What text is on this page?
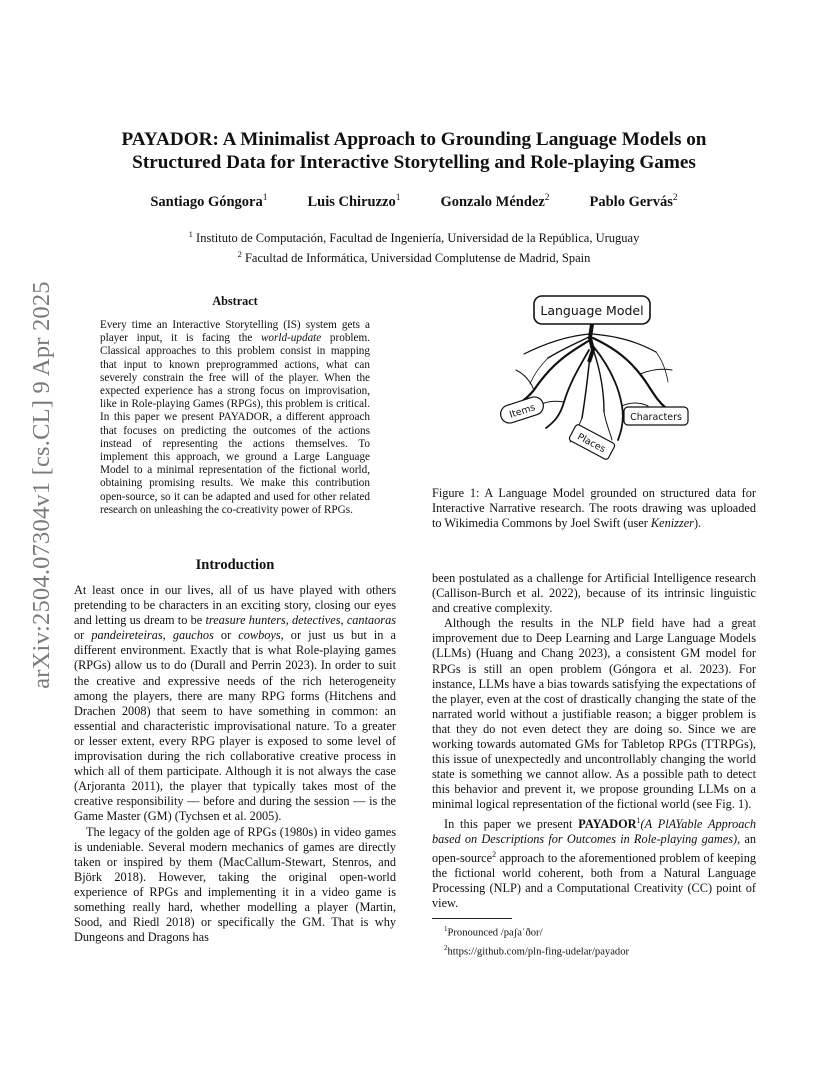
arXiv:2504.07304v1 [cs.CL] 9 Apr 2025
PAYADOR: A Minimalist Approach to Grounding Language Models on
Structured Data for Interactive Storytelling and Role-playing Games
Santiago Góngora$^1$	Luis Chiruzzo$^1$	Gonzalo Méndez$^2$	Pablo Gervás$^2$
$^1$ Instituto de Computación, Facultad de Ingeniería, Universidad de la República, Uruguay
$^2$ Facultad de Informática, Universidad Complutense de Madrid, Spain
Abstract

Every time an Interactive Storytelling (IS) system gets a player input, it is facing the world-update problem. Classical approaches to this problem consist in mapping that input to known preprogrammed actions, what can severely constrain the free will of the player. When the expected experience has a strong focus on improvisation, like in Role-playing Games (RPGs), this problem is critical. In this paper we present PAYADOR, a different approach that focuses on predicting the outcomes of the actions instead of representing the actions themselves. To implement this approach, we ground a Large Language Model to a minimal representation of the fictional world, obtaining promising results. We make this contribution open-source, so it can be adapted and used for other related research on unleashing the co-creativity power of RPGs.

Language Model
Items	Characters
Places

Figure 1: A Language Model grounded on structured data for Interactive Narrative research. The roots drawing was uploaded to Wikimedia Commons by Joel Swift (user Kenizzer).

Introduction

At least once in our lives, all of us have played with others pretending to be characters in an exciting story, closing our eyes and letting us dream to be treasure hunters, detectives, cantaoras or pandeireteiras, gauchos or cowboys, or just us but in a different environment. Exactly that is what Role-playing games (RPGs) allow us to do (Durall and Perrin 2023). In order to suit the creative and expressive needs of the rich heterogeneity among the players, there are many RPG forms (Hitchens and Drachen 2008) that seem to have something in common: an essential and characteristic improvisational nature. To a greater or lesser extent, every RPG player is exposed to some level of improvisation during the rich collaborative creative process in which all of them participate. Although it is not always the case (Arjoranta 2011), the player that typically takes most of the creative responsibility — before and during the session — is the Game Master (GM) (Tychsen et al. 2005).

The legacy of the golden age of RPGs (1980s) in video games is undeniable. Several modern mechanics of games are directly taken or inspired by them (MacCallum-Stewart, Stenros, and Björk 2018). However, taking the original open-world experience of RPGs and implementing it in a video game is something really hard, whether modelling a player (Martin, Sood, and Riedl 2018) or specifically the GM. That is why Dungeons and Dragons has

been postulated as a challenge for Artificial Intelligence research (Callison-Burch et al. 2022), because of its intrinsic linguistic and creative complexity.

Although the results in the NLP field have had a great improvement due to Deep Learning and Large Language Models (LLMs) (Huang and Chang 2023), a consistent GM model for RPGs is still an open problem (Góngora et al. 2023). For instance, LLMs have a bias towards satisfying the expectations of the player, even at the cost of drastically changing the state of the narrated world without a justifiable reason; a bigger problem is that they do not even detect they are doing so. Since we are working towards automated GMs for Tabletop RPGs (TTRPGs), this issue of unexpectedly and uncontrollably changing the world state is something we cannot allow. As a possible path to detect this behavior and prevent it, we propose grounding LLMs on a minimal logical representation of the fictional world (see Fig. 1).

In this paper we present PAYADOR$^1$(A PlAYable Approach based on Descriptions for Outcomes in Role-playing games), an open-source$^2$ approach to the aforementioned problem of keeping the fictional world coherent, both from a Natural Language Processing (NLP) and a Computational Creativity (CC) point of view.

$^1$Pronounced /paʃaˈðor/
$^2$https://github.com/pln-fing-udelar/payador
